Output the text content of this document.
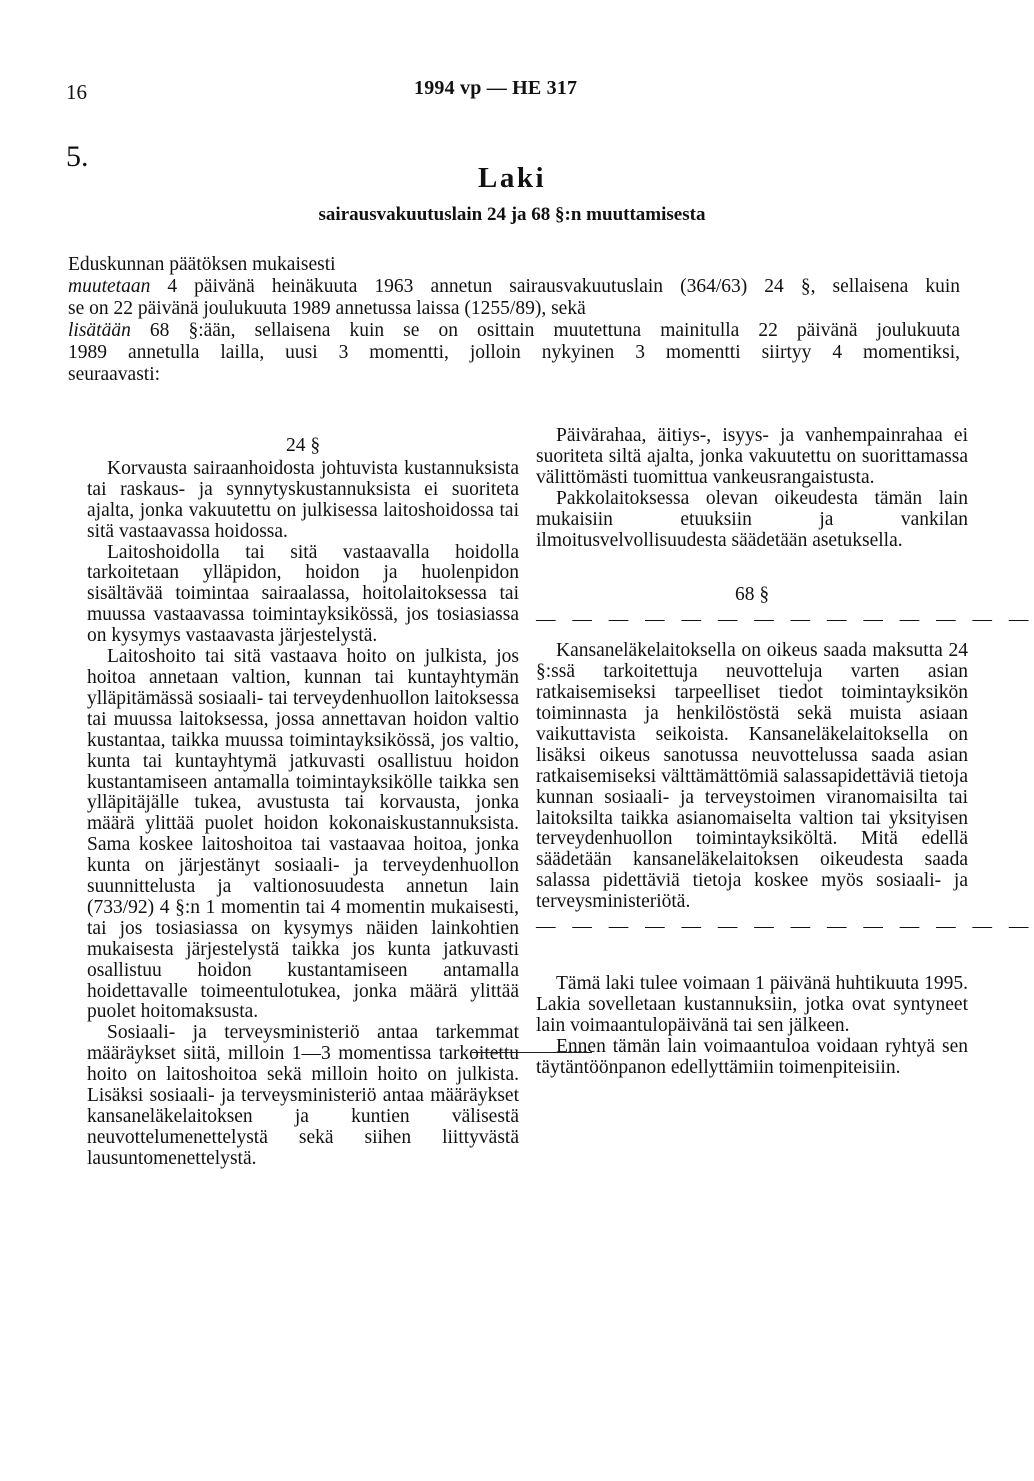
16	1994 vp — HE 317
5.
Laki
sairausvakuutuslain 24 ja 68 §:n muuttamisesta
Eduskunnan päätöksen mukaisesti
muutetaan 4 päivänä heinäkuuta 1963 annetun sairausvakuutuslain (364/63) 24 §, sellaisena kuin
se on 22 päivänä joulukuuta 1989 annetussa laissa (1255/89), sekä
lisätään 68 §:ään, sellaisena kuin se on osittain muutettuna mainitulla 22 päivänä joulukuuta
1989 annetulla lailla, uusi 3 momentti, jolloin nykyinen 3 momentti siirtyy 4 momentiksi,
seuraavasti:
24 §

Korvausta sairaanhoidosta johtuvista kustannuksista tai raskaus- ja synnytyskustannuksista ei suoriteta ajalta, jonka vakuutettu on julkisessa laitoshoidossa tai sitä vastaavassa hoidossa.

Laitoshoidolla tai sitä vastaavalla hoidolla tarkoitetaan ylläpidon, hoidon ja huolenpidon sisältävää toimintaa sairaalassa, hoitolaitoksessa tai muussa vastaavassa toimintayksikössä, jos tosiasiassa on kysymys vastaavasta järjestelystä.

Laitoshoito tai sitä vastaava hoito on julkista, jos hoitoa annetaan valtion, kunnan tai kuntayhtymän ylläpitämässä sosiaali- tai terveydenhuollon laitoksessa tai muussa laitoksessa, jossa annettavan hoidon valtio kustantaa, taikka muussa toimintayksikössä, jos valtio, kunta tai kuntayhtymä jatkuvasti osallistuu hoidon kustantamiseen antamalla toimintayksikölle taikka sen ylläpitäjälle tukea, avustusta tai korvausta, jonka määrä ylittää puolet hoidon kokonaiskustannuksista. Sama koskee laitoshoitoa tai vastaavaa hoitoa, jonka kunta on järjestänyt sosiaali- ja terveydenhuollon suunnittelusta ja valtionosuudesta annetun lain (733/92) 4 §:n 1 momentin tai 4 momentin mukaisesti, tai jos tosiasiassa on kysymys näiden lainkohtien mukaisesta järjestelystä taikka jos kunta jatkuvasti osallistuu hoidon kustantamiseen antamalla hoidettavalle toimeentulotukea, jonka määrä ylittää puolet hoitomaksusta.

Sosiaali- ja terveysministeriö antaa tarkemmat määräykset siitä, milloin 1—3 momentissa tarkoitettu hoito on laitoshoitoa sekä milloin hoito on julkista. Lisäksi sosiaali- ja terveysministeriö antaa määräykset kansaneläkelaitoksen ja kuntien välisestä neuvottelumenettelystä sekä siihen liittyvästä lausuntomenettelystä.

Päivärahaa, äitiys-, isyys- ja vanhempainrahaa ei suoriteta siltä ajalta, jonka vakuutettu on suorittamassa välittömästi tuomittua vankeusrangaistusta.

Pakkolaitoksessa olevan oikeudesta tämän lain mukaisiin etuuksiin ja vankilan ilmoitusvelvollisuudesta säädetään asetuksella.

68 §
— — — — — — — — — — — — — —

Kansaneläkelaitoksella on oikeus saada maksutta 24 §:ssä tarkoitettuja neuvotteluja varten asian ratkaisemiseksi tarpeelliset tiedot toimintayksikön toiminnasta ja henkilöstöstä sekä muista asiaan vaikuttavista seikoista. Kansaneläkelaitoksella on lisäksi oikeus sanotussa neuvottelussa saada asian ratkaisemiseksi välttämättömiä salassapidettäviä tietoja kunnan sosiaali- ja terveystoimen viranomaisilta tai laitoksilta taikka asianomaiselta valtion tai yksityisen terveydenhuollon toimintayksiköltä. Mitä edellä säädetään kansaneläkelaitoksen oikeudesta saada salassa pidettäviä tietoja koskee myös sosiaali- ja terveysministeriötä.

— — — — — — — — — — — — — —

Tämä laki tulee voimaan 1 päivänä huhtikuuta 1995. Lakia sovelletaan kustannuksiin, jotka ovat syntyneet lain voimaantulopäivänä tai sen jälkeen.

Ennen tämän lain voimaantuloa voidaan ryhtyä sen täytäntöönpanon edellyttämiin toimenpiteisiin.
